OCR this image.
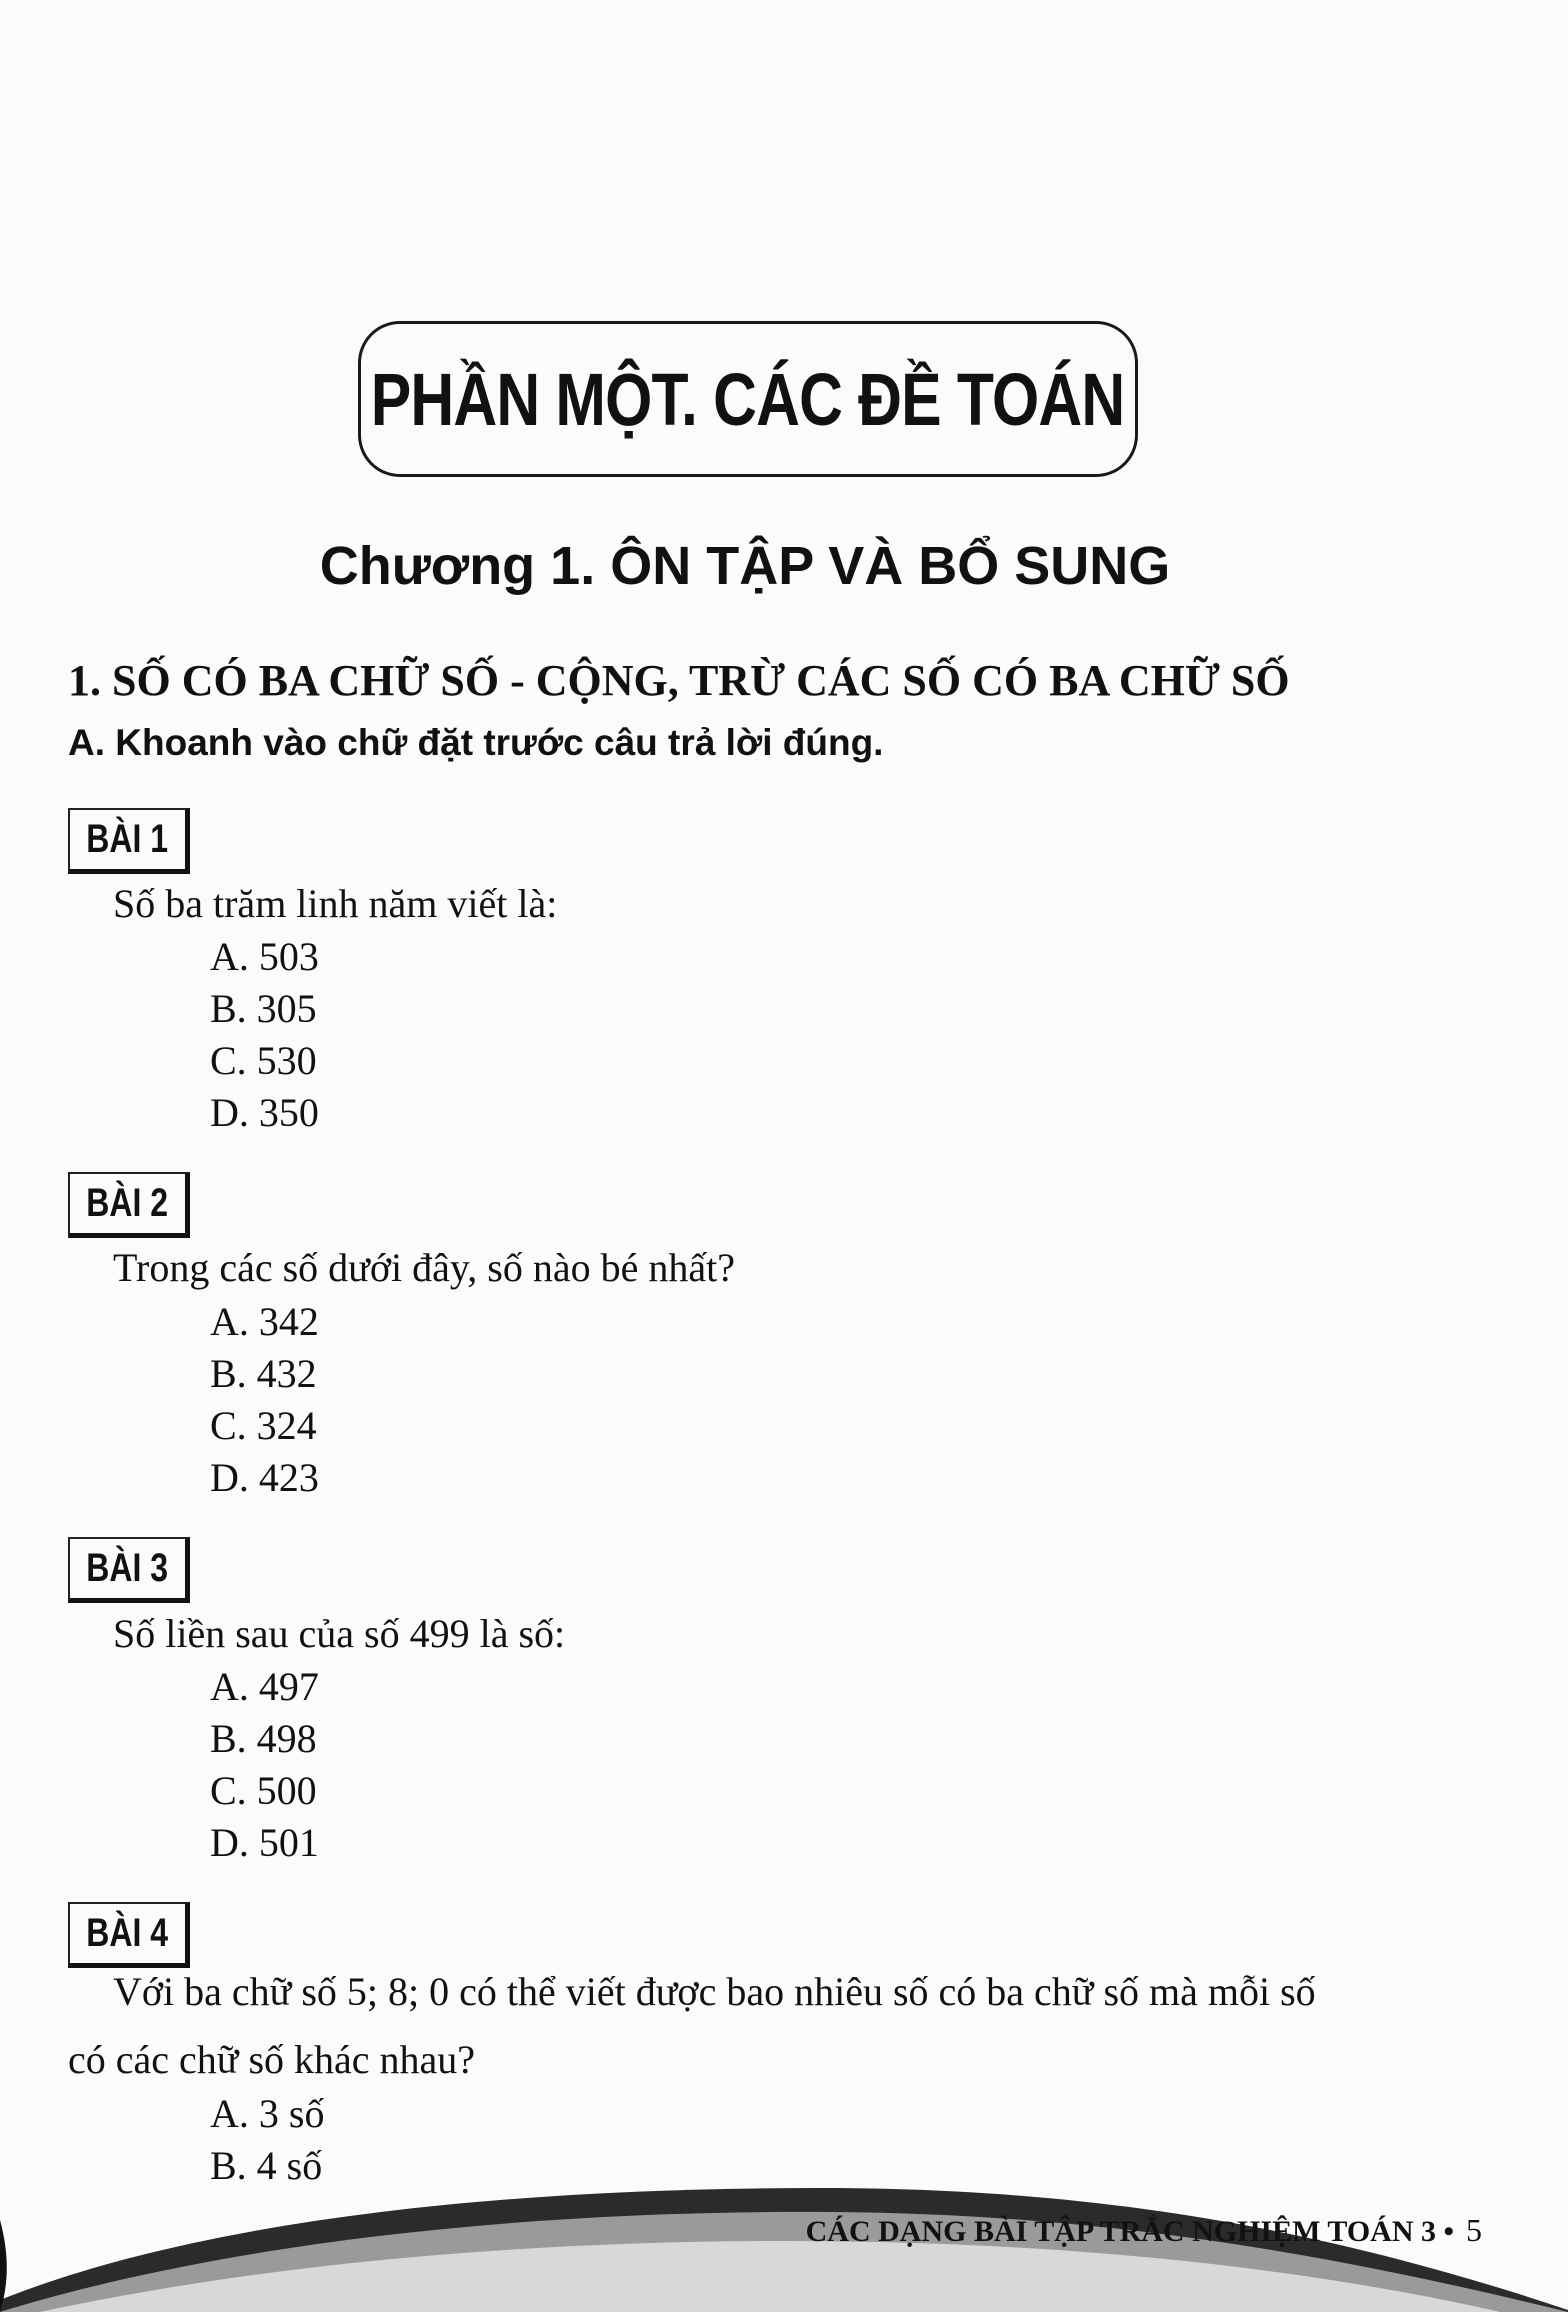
PHẦN MỘT. CÁC ĐỀ TOÁN
Chương 1. ÔN TẬP VÀ BỔ SUNG
1. SỐ CÓ BA CHỮ SỐ - CỘNG, TRỪ CÁC SỐ CÓ BA CHỮ SỐ
A. Khoanh vào chữ đặt trước câu trả lời đúng.
BÀI 1
Số ba trăm linh năm viết là:
A. 503
B. 305
C. 530
D. 350
BÀI 2
Trong các số dưới đây, số nào bé nhất?
A. 342
B. 432
C. 324
D. 423
BÀI 3
Số liền sau của số 499 là số:
A. 497
B. 498
C. 500
D. 501
BÀI 4
Với ba chữ số 5; 8; 0 có thể viết được bao nhiêu số có ba chữ số mà mỗi số
có các chữ số khác nhau?
A. 3 số
B. 4 số
CÁC DẠNG BÀI TẬP TRẮC NGHIỆM TOÁN 3 • 5
